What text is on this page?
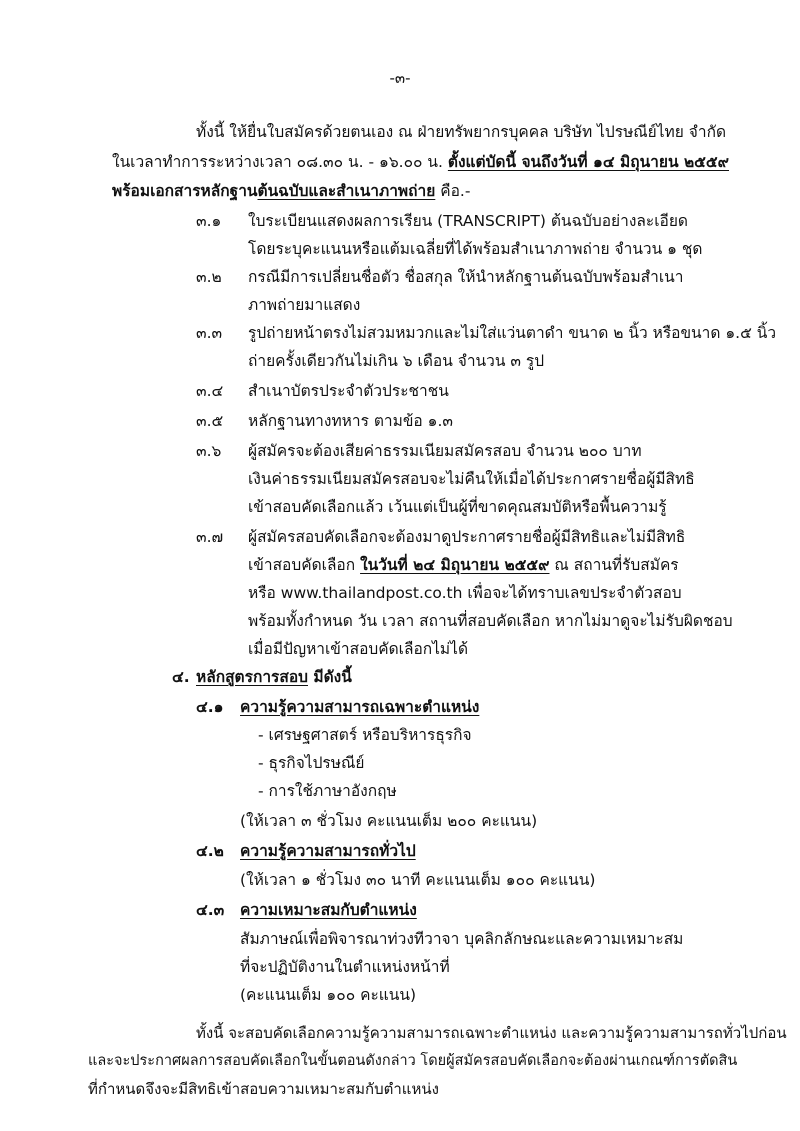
-๓-
ทั้งนี้ ให้ยื่นใบสมัครด้วยตนเอง ณ ฝ่ายทรัพยากรบุคคล บริษัท ไปรษณีย์ไทย จำกัด
ในเวลาทำการระหว่างเวลา ๐๘.๓๐ น. - ๑๖.๐๐ น. ตั้งแต่บัดนี้ จนถึงวันที่ ๑๔ มิถุนายน ๒๕๕๙
พร้อมเอกสารหลักฐานต้นฉบับและสำเนาภาพถ่าย คือ.-
๓.๑ ใบระเบียนแสดงผลการเรียน (TRANSCRIPT) ต้นฉบับอย่างละเอียด
โดยระบุคะแนนหรือแต้มเฉลี่ยที่ได้พร้อมสำเนาภาพถ่าย จำนวน ๑ ชุด
๓.๒ กรณีมีการเปลี่ยนชื่อตัว ชื่อสกุล ให้นำหลักฐานต้นฉบับพร้อมสำเนา
ภาพถ่ายมาแสดง
๓.๓ รูปถ่ายหน้าตรงไม่สวมหมวกและไม่ใส่แว่นตาดำ ขนาด ๒ นิ้ว หรือขนาด ๑.๕ นิ้ว
ถ่ายครั้งเดียวกันไม่เกิน ๖ เดือน จำนวน ๓ รูป
๓.๔ สำเนาบัตรประจำตัวประชาชน
๓.๕ หลักฐานทางทหาร ตามข้อ ๑.๓
๓.๖ ผู้สมัครจะต้องเสียค่าธรรมเนียมสมัครสอบ จำนวน ๒๐๐ บาท
เงินค่าธรรมเนียมสมัครสอบจะไม่คืนให้เมื่อได้ประกาศรายชื่อผู้มีสิทธิ
เข้าสอบคัดเลือกแล้ว เว้นแต่เป็นผู้ที่ขาดคุณสมบัติหรือพื้นความรู้
๓.๗ ผู้สมัครสอบคัดเลือกจะต้องมาดูประกาศรายชื่อผู้มีสิทธิและไม่มีสิทธิ
เข้าสอบคัดเลือก ในวันที่ ๒๔ มิถุนายน ๒๕๕๙ ณ สถานที่รับสมัคร
หรือ www.thailandpost.co.th เพื่อจะได้ทราบเลขประจำตัวสอบ
พร้อมทั้งกำหนด วัน เวลา สถานที่สอบคัดเลือก หากไม่มาดูจะไม่รับผิดชอบ
เมื่อมีปัญหาเข้าสอบคัดเลือกไม่ได้
๔. หลักสูตรการสอบ มีดังนี้
๔.๑ ความรู้ความสามารถเฉพาะตำแหน่ง
- เศรษฐศาสตร์ หรือบริหารธุรกิจ
- ธุรกิจไปรษณีย์
- การใช้ภาษาอังกฤษ
(ให้เวลา ๓ ชั่วโมง คะแนนเต็ม ๒๐๐ คะแนน)
๔.๒ ความรู้ความสามารถทั่วไป
(ให้เวลา ๑ ชั่วโมง ๓๐ นาที คะแนนเต็ม ๑๐๐ คะแนน)
๔.๓ ความเหมาะสมกับตำแหน่ง
สัมภาษณ์เพื่อพิจารณาท่วงทีวาจา บุคลิกลักษณะและความเหมาะสม
ที่จะปฏิบัติงานในตำแหน่งหน้าที่
(คะแนนเต็ม ๑๐๐ คะแนน)
ทั้งนี้ จะสอบคัดเลือกความรู้ความสามารถเฉพาะตำแหน่ง และความรู้ความสามารถทั่วไปก่อน
และจะประกาศผลการสอบคัดเลือกในขั้นตอนดังกล่าว โดยผู้สมัครสอบคัดเลือกจะต้องผ่านเกณฑ์การตัดสิน
ที่กำหนดจึงจะมีสิทธิเข้าสอบความเหมาะสมกับตำแหน่ง
